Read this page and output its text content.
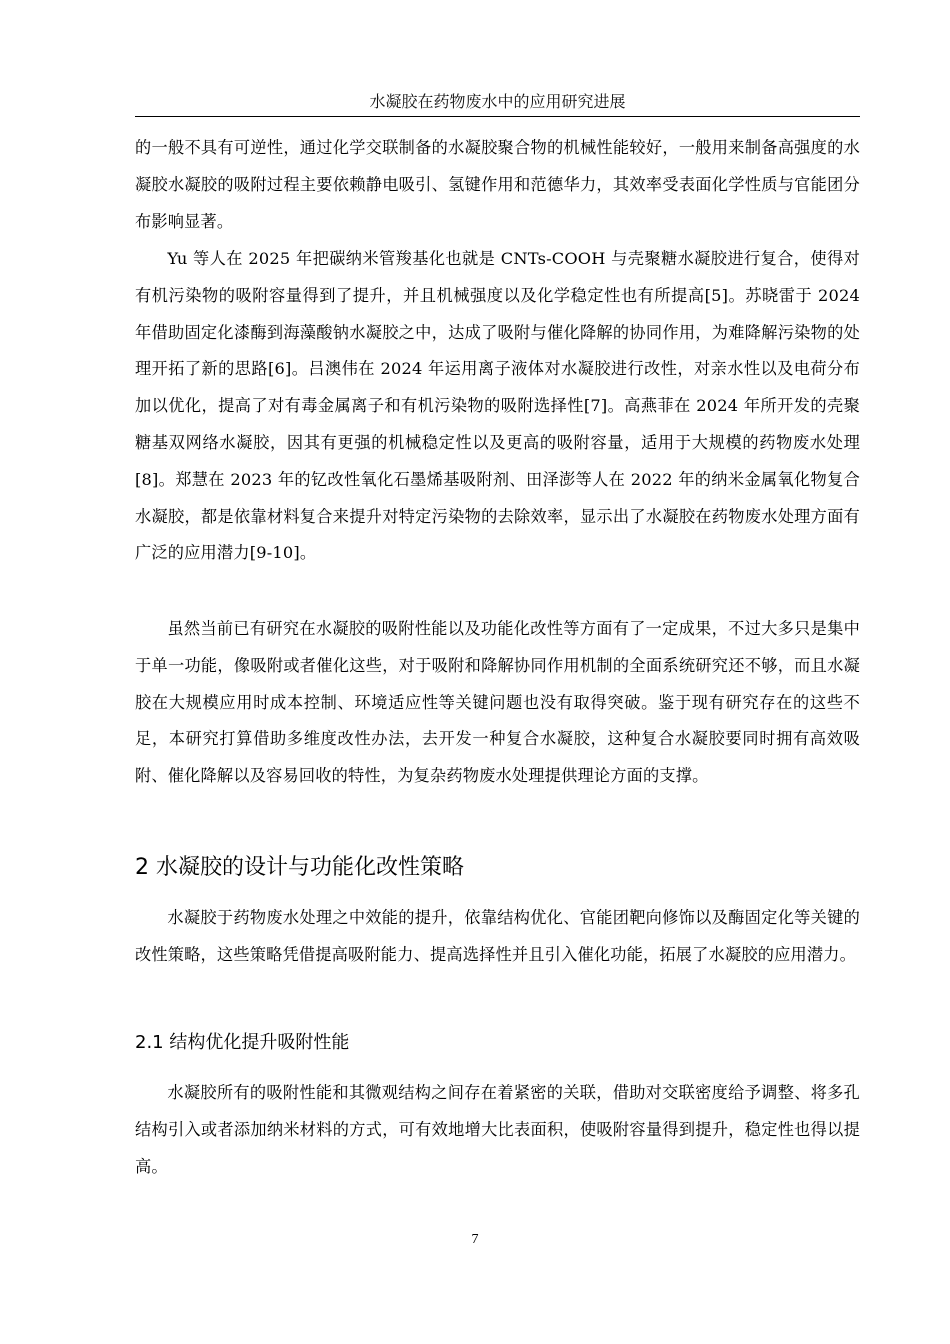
水凝胶在药物废水中的应用研究进展
的一般不具有可逆性，通过化学交联制备的水凝胶聚合物的机械性能较好，一般用来制备高强度的水凝胶水凝胶的吸附过程主要依赖静电吸引、氢键作用和范德华力，其效率受表面化学性质与官能团分布影响显著。
Yu 等人在 2025 年把碳纳米管羧基化也就是 CNTs-COOH 与壳聚糖水凝胶进行复合，使得对有机污染物的吸附容量得到了提升，并且机械强度以及化学稳定性也有所提高[5]。苏晓雷于 2024 年借助固定化漆酶到海藻酸钠水凝胶之中，达成了吸附与催化降解的协同作用，为难降解污染物的处理开拓了新的思路[6]。吕澳伟在 2024 年运用离子液体对水凝胶进行改性，对亲水性以及电荷分布加以优化，提高了对有毒金属离子和有机污染物的吸附选择性[7]。高燕菲在 2024 年所开发的壳聚糖基双网络水凝胶，因其有更强的机械稳定性以及更高的吸附容量，适用于大规模的药物废水处理[8]。郑慧在 2023 年的钇改性氧化石墨烯基吸附剂、田泽澎等人在 2022 年的纳米金属氧化物复合水凝胶，都是依靠材料复合来提升对特定污染物的去除效率，显示出了水凝胶在药物废水处理方面有广泛的应用潜力[9-10]。
虽然当前已有研究在水凝胶的吸附性能以及功能化改性等方面有了一定成果，不过大多只是集中于单一功能，像吸附或者催化这些，对于吸附和降解协同作用机制的全面系统研究还不够，而且水凝胶在大规模应用时成本控制、环境适应性等关键问题也没有取得突破。鉴于现有研究存在的这些不足，本研究打算借助多维度改性办法，去开发一种复合水凝胶，这种复合水凝胶要同时拥有高效吸附、催化降解以及容易回收的特性，为复杂药物废水处理提供理论方面的支撑。
2 水凝胶的设计与功能化改性策略
水凝胶于药物废水处理之中效能的提升，依靠结构优化、官能团靶向修饰以及酶固定化等关键的改性策略，这些策略凭借提高吸附能力、提高选择性并且引入催化功能，拓展了水凝胶的应用潜力。
2.1 结构优化提升吸附性能
水凝胶所有的吸附性能和其微观结构之间存在着紧密的关联，借助对交联密度给予调整、将多孔结构引入或者添加纳米材料的方式，可有效地增大比表面积，使吸附容量得到提升，稳定性也得以提高。
7
